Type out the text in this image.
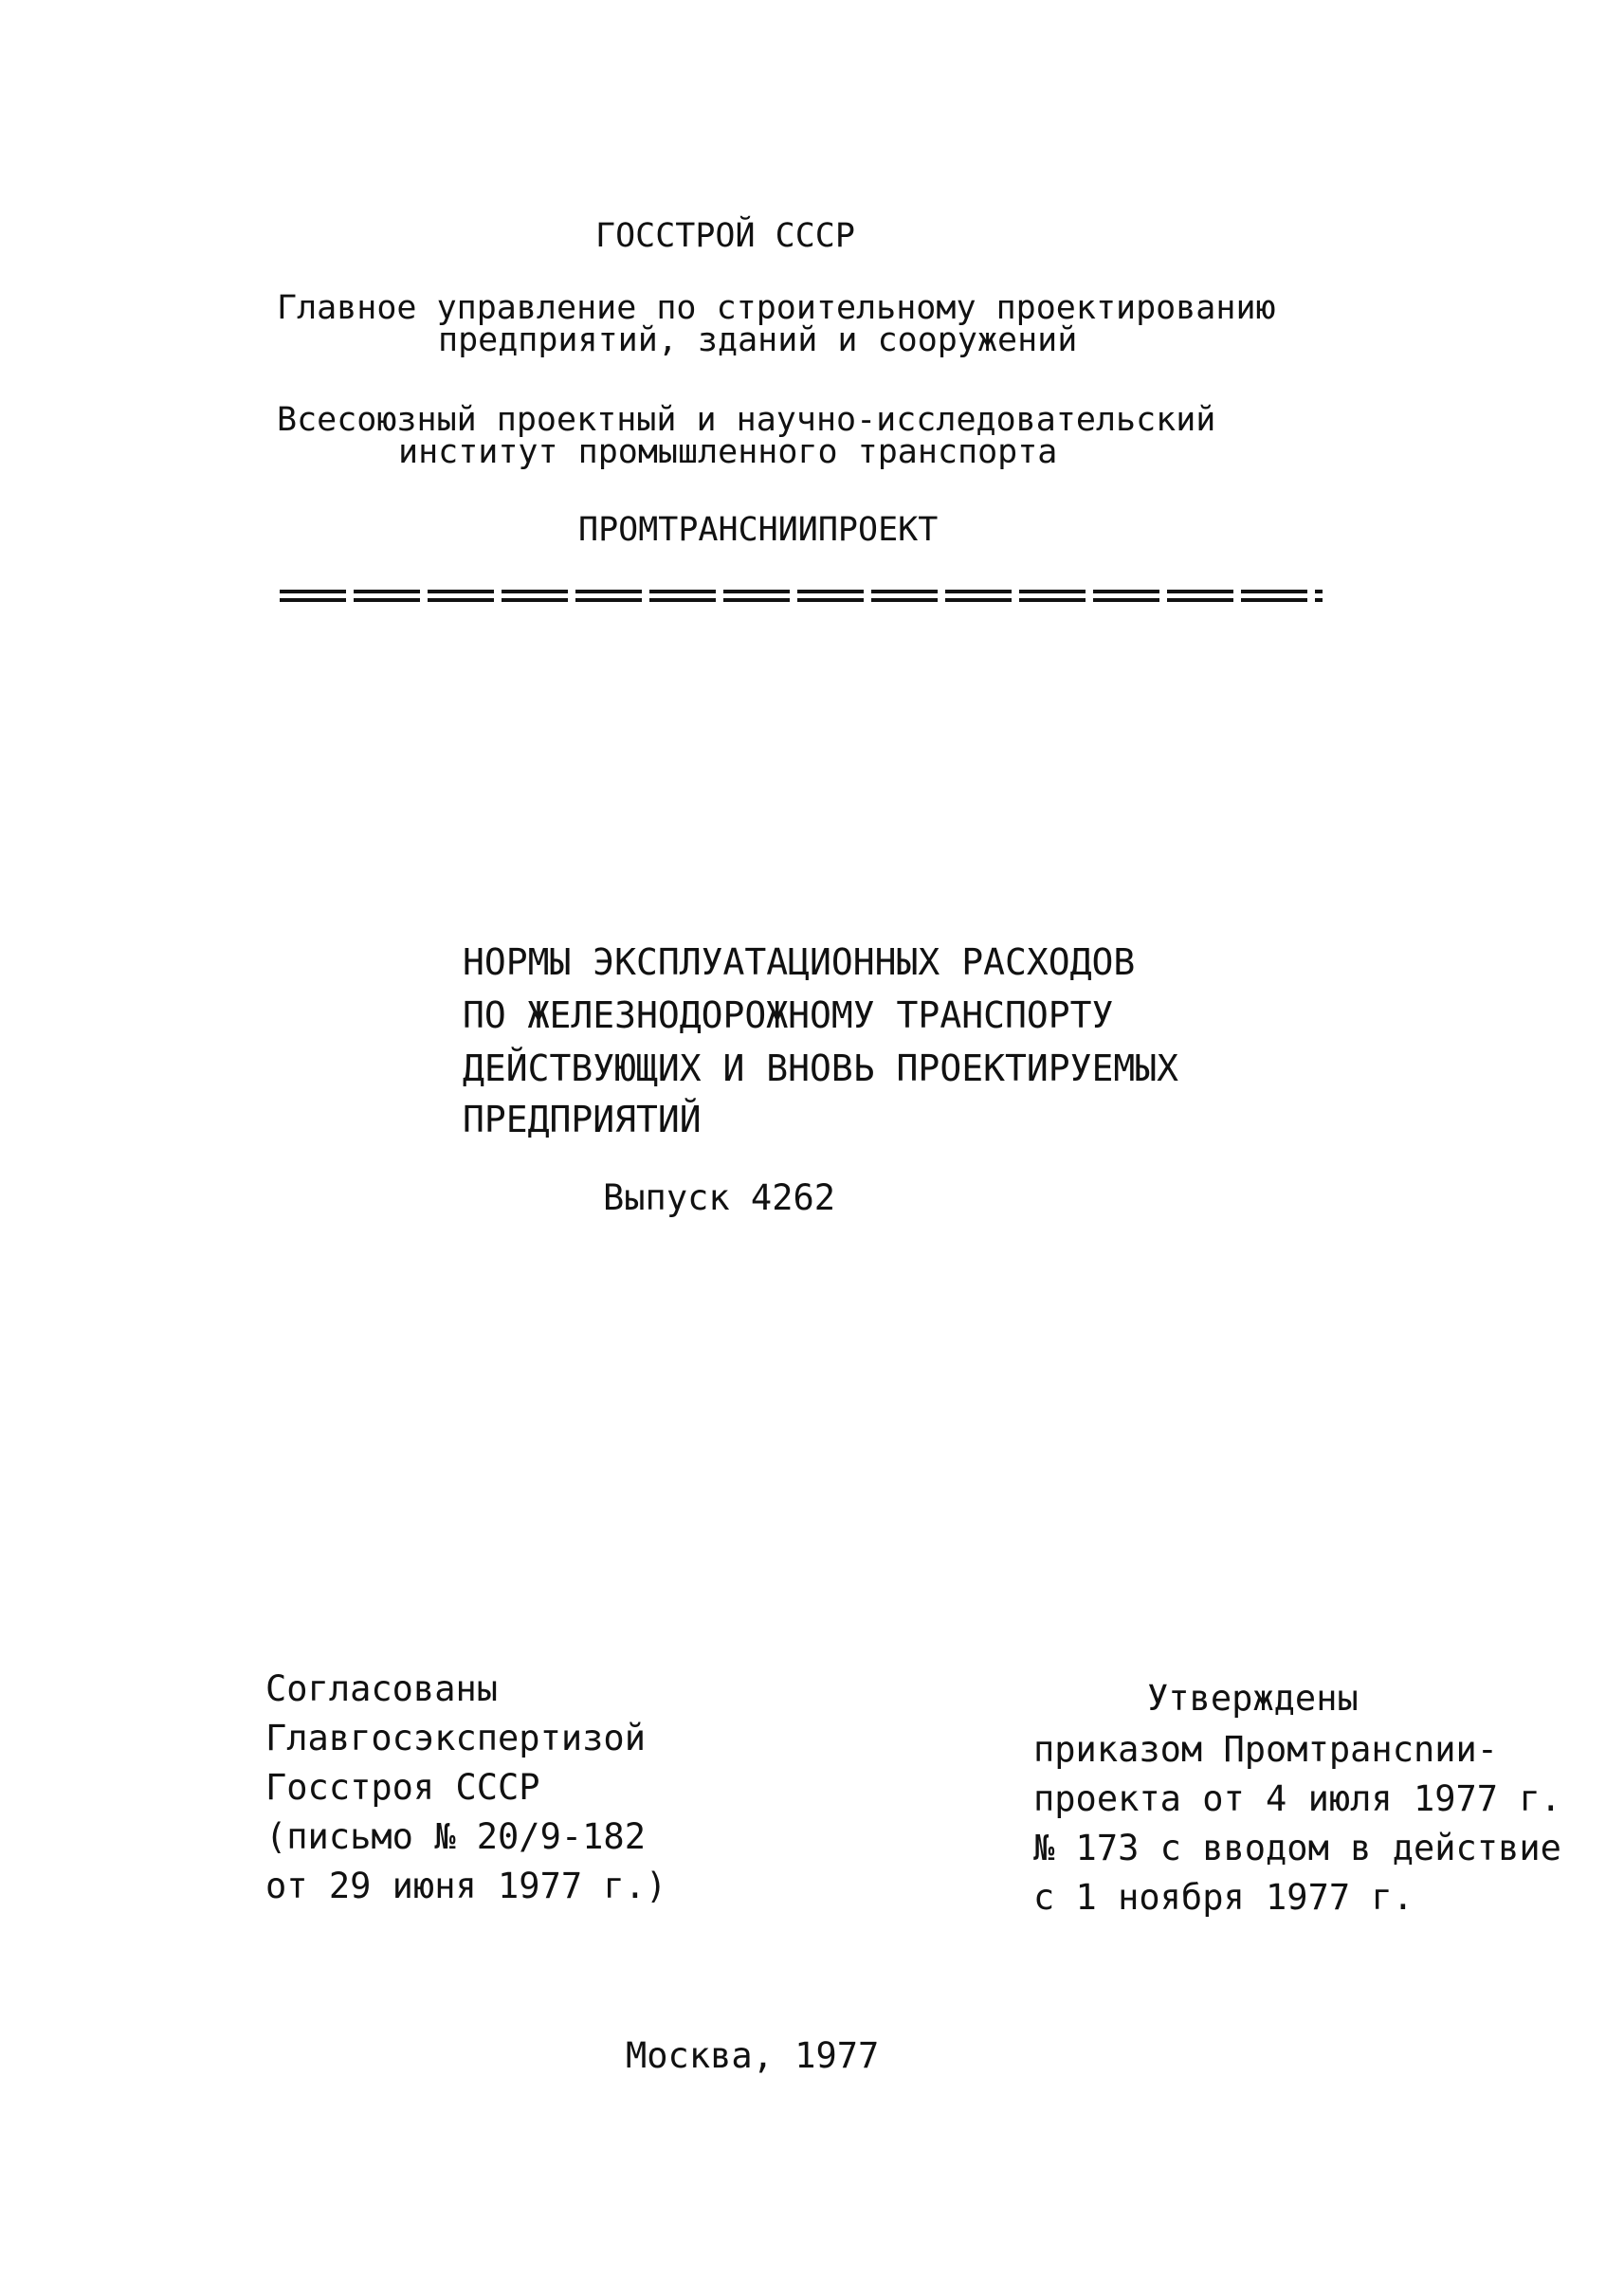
ГОССТРОЙ СССР
Главное управление по строительному проектированию
предприятий, зданий и сооружений
Всесоюзный проектный и научно-исследовательский
институт промышленного транспорта
ПРОМТРАНСНИИПРОЕКТ
НОРМЫ ЭКСПЛУАТАЦИОННЫХ РАСХОДОВ
ПО ЖЕЛЕЗНОДОРОЖНОМУ ТРАНСПОРТУ
ДЕЙСТВУЮЩИХ И ВНОВЬ ПРОЕКТИРУЕМЫХ
ПРЕДПРИЯТИЙ
Выпуск 4262
Согласованы
Главгосэкспертизой
Госстроя СССР
(письмо № 20/9-182
от 29 июня 1977 г.)
Утверждены
приказом Промтрансnии-
проекта от 4 июля 1977 г.
№ 173 с вводом в действие
с 1 ноября 1977 г.
Москва, 1977
